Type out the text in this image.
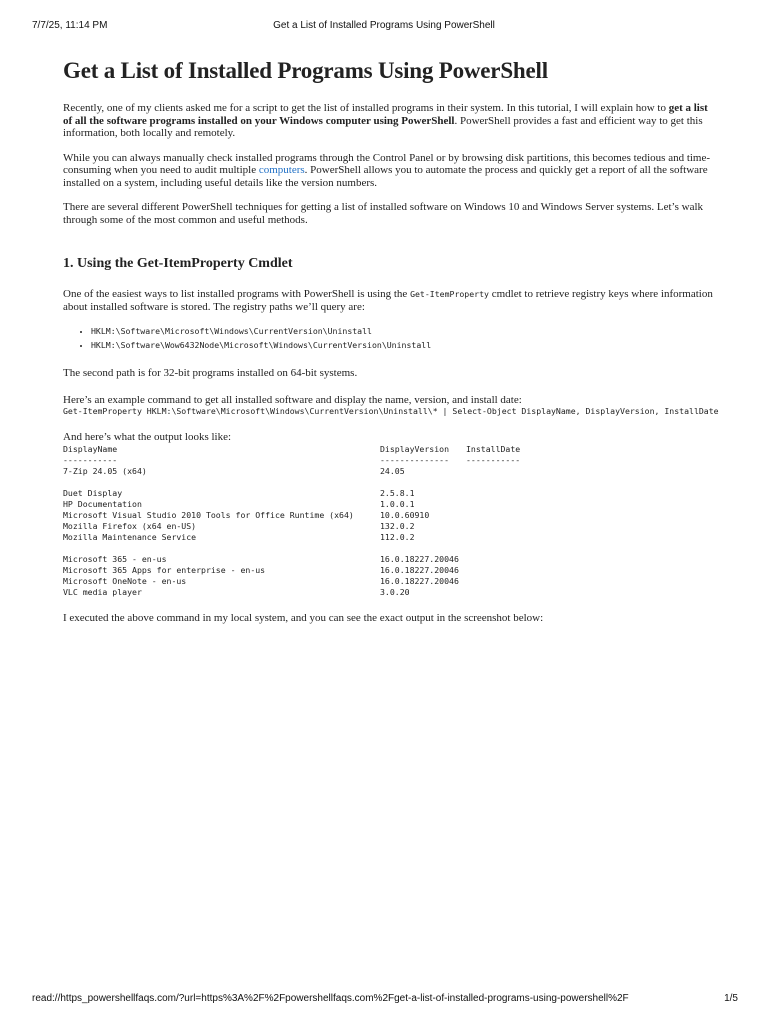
7/7/25, 11:14 PM	Get a List of Installed Programs Using PowerShell
Get a List of Installed Programs Using PowerShell

Recently, one of my clients asked me for a script to get the list of installed programs in their system. In this tutorial, I will explain how to get a list of all the software programs installed on your Windows computer using PowerShell. PowerShell provides a fast and efficient way to get this information, both locally and remotely.

While you can always manually check installed programs through the Control Panel or by browsing disk partitions, this becomes tedious and time-consuming when you need to audit multiple computers. PowerShell allows you to automate the process and quickly get a report of all the software installed on a system, including useful details like the version numbers.

There are several different PowerShell techniques for getting a list of installed software on Windows 10 and Windows Server systems. Let’s walk through some of the most common and useful methods.

1. Using the Get-ItemProperty Cmdlet

One of the easiest ways to list installed programs with PowerShell is using the Get-ItemProperty cmdlet to retrieve registry keys where information about installed software is stored. The registry paths we’ll query are:

• HKLM:\Software\Microsoft\Windows\CurrentVersion\Uninstall
• HKLM:\Software\Wow6432Node\Microsoft\Windows\CurrentVersion\Uninstall

The second path is for 32-bit programs installed on 64-bit systems.

Here’s an example command to get all installed software and display the name, version, and install date:

Get-ItemProperty HKLM:\Software\Microsoft\Windows\CurrentVersion\Uninstall\* | Select-Object DisplayName, DisplayVersion, InstallDate

And here’s what the output looks like:

DisplayName	DisplayVersion	InstallDate
-----------	--------------	-----------
7-Zip 24.05 (x64)	24.05	

Duet Display	2.5.8.1	
HP Documentation	1.0.0.1	
Microsoft Visual Studio 2010 Tools for Office Runtime (x64)	10.0.60910	
Mozilla Firefox (x64 en-US)	132.0.2	
Mozilla Maintenance Service	112.0.2	

Microsoft 365 - en-us	16.0.18227.20046	
Microsoft 365 Apps for enterprise - en-us	16.0.18227.20046	
Microsoft OneNote - en-us	16.0.18227.20046	
VLC media player	3.0.20	

I executed the above command in my local system, and you can see the exact output in the screenshot below:

read://https_powershellfaqs.com/?url=https%3A%2F%2Fpowershellfaqs.com%2Fget-a-list-of-installed-programs-using-powershell%2F	1/5
